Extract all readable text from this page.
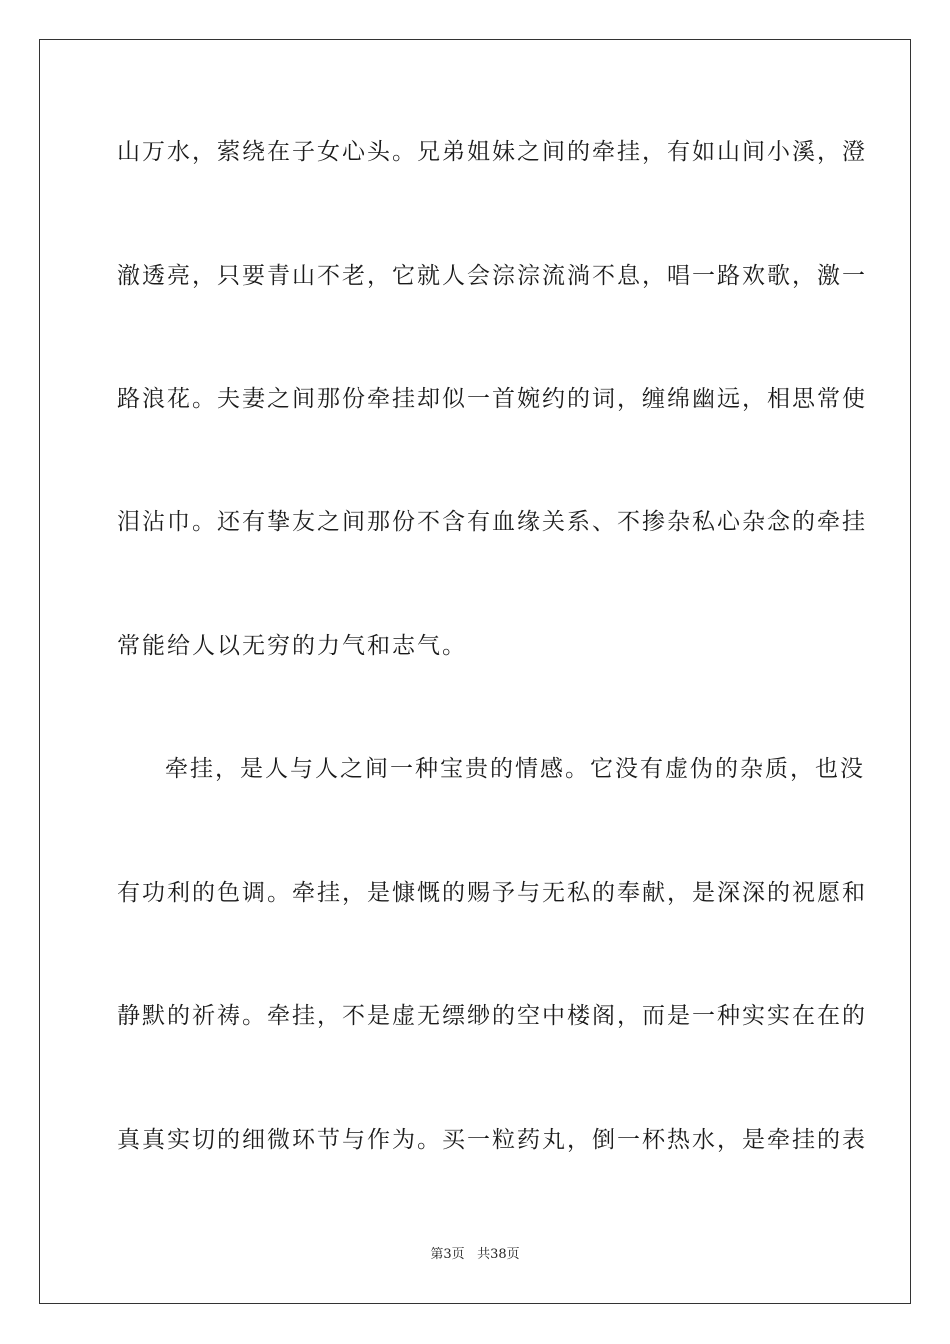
山万水，萦绕在子女心头。兄弟姐妹之间的牵挂，有如山间小溪，澄
澈透亮，只要青山不老，它就人会淙淙流淌不息，唱一路欢歌，激一
路浪花。夫妻之间那份牵挂却似一首婉约的词，缠绵幽远，相思常使
泪沾巾。还有挚友之间那份不含有血缘关系、不掺杂私心杂念的牵挂
常能给人以无穷的力气和志气。
牵挂，是人与人之间一种宝贵的情感。它没有虚伪的杂质，也没
有功利的色调。牵挂，是慷慨的赐予与无私的奉献，是深深的祝愿和
静默的祈祷。牵挂，不是虚无缥缈的空中楼阁，而是一种实实在在的
真真实切的细微环节与作为。买一粒药丸，倒一杯热水，是牵挂的表
第3页 共38页
